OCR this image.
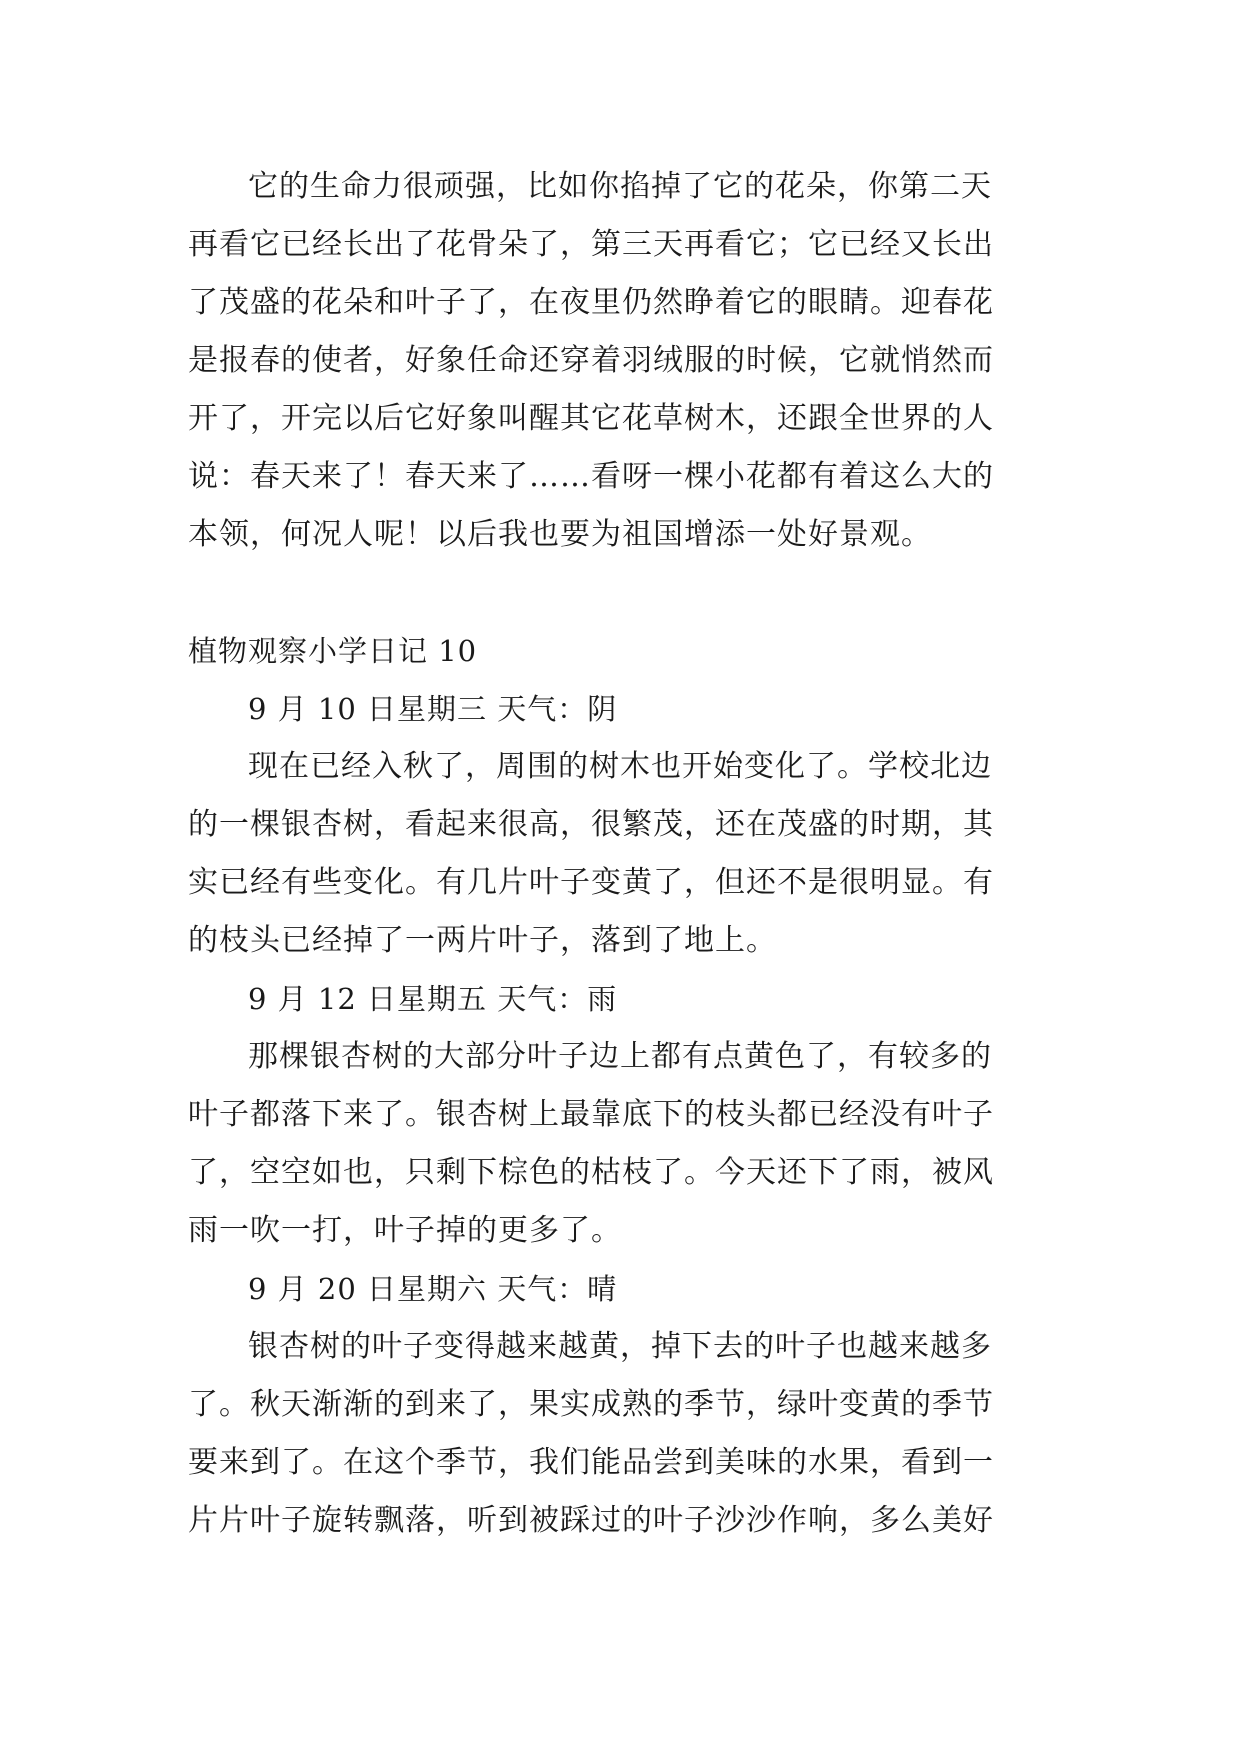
它的生命力很顽强，比如你掐掉了它的花朵，你第二天
再看它已经长出了花骨朵了，第三天再看它；它已经又长出
了茂盛的花朵和叶子了，在夜里仍然睁着它的眼睛。迎春花
是报春的使者，好象任命还穿着羽绒服的时候，它就悄然而
开了，开完以后它好象叫醒其它花草树木，还跟全世界的人
说：春天来了！春天来了……看呀一棵小花都有着这么大的
本领，何况人呢！以后我也要为祖国增添一处好景观。

植物观察小学日记 10

9 月 10 日星期三 天气：阴

现在已经入秋了，周围的树木也开始变化了。学校北边
的一棵银杏树，看起来很高，很繁茂，还在茂盛的时期，其
实已经有些变化。有几片叶子变黄了，但还不是很明显。有
的枝头已经掉了一两片叶子，落到了地上。

9 月 12 日星期五 天气：雨

那棵银杏树的大部分叶子边上都有点黄色了，有较多的
叶子都落下来了。银杏树上最靠底下的枝头都已经没有叶子
了，空空如也，只剩下棕色的枯枝了。今天还下了雨，被风
雨一吹一打，叶子掉的更多了。

9 月 20 日星期六 天气：晴

银杏树的叶子变得越来越黄，掉下去的叶子也越来越多
了。秋天渐渐的到来了，果实成熟的季节，绿叶变黄的季节
要来到了。在这个季节，我们能品尝到美味的水果，看到一
片片叶子旋转飘落，听到被踩过的叶子沙沙作响，多么美好
